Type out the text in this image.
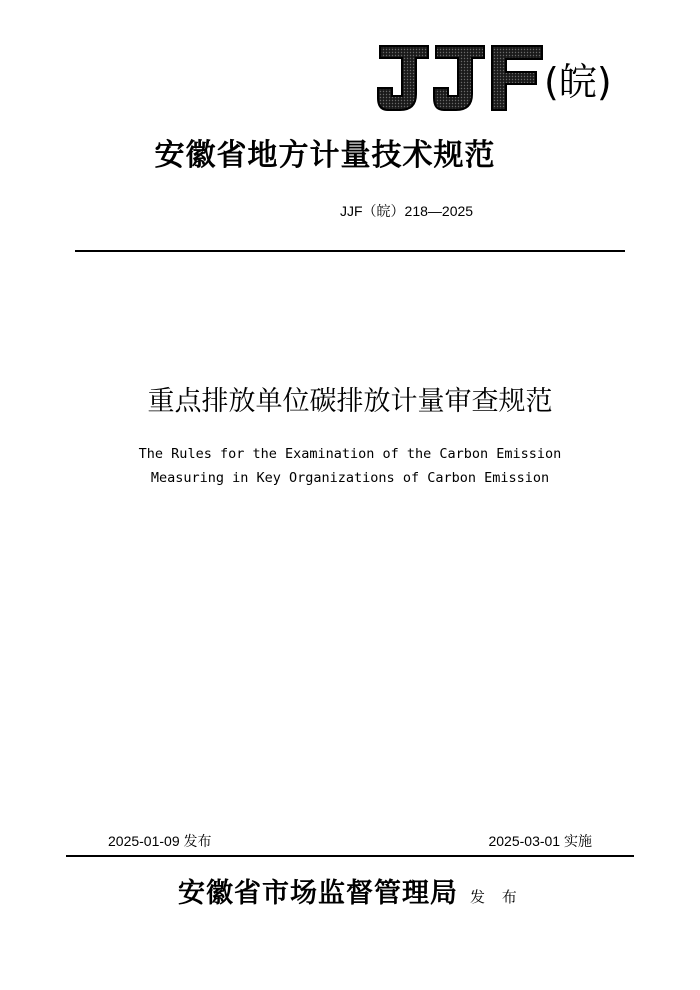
(皖)
安徽省地方计量技术规范
JJF（皖）218—2025
重点排放单位碳排放计量审查规范
The Rules for the Examination of the Carbon Emission
Measuring in Key Organizations of Carbon Emission
2025-01-09 发布	2025-03-01 实施
安徽省市场监督管理局 发 布
